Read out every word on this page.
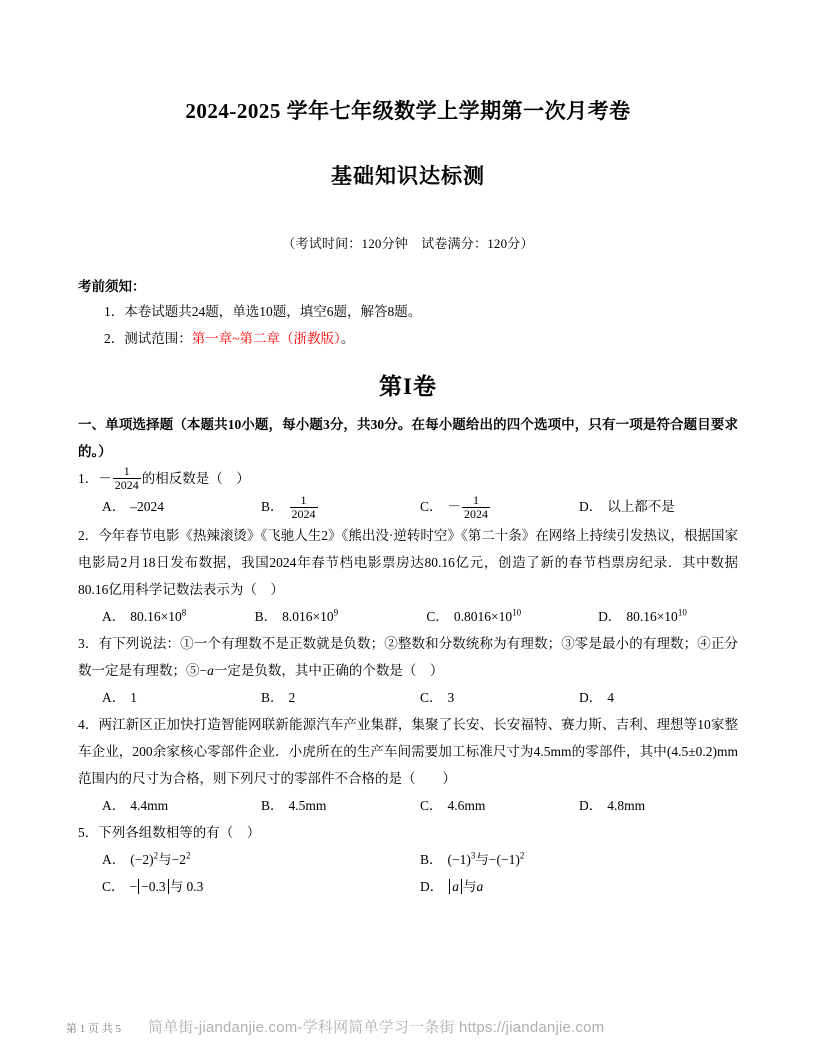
2024-2025 学年七年级数学上学期第一次月考卷
基础知识达标测

（考试时间：120分钟　试卷满分：120分）

考前须知：
1．本卷试题共24题，单选10题，填空6题，解答8题。
2．测试范围：第一章~第二章（浙教版）。
第I卷
一、单项选择题（本题共10小题，每小题3分，共30分。在每小题给出的四个选项中，只有一项是符合题目要求的。）
1．－ $\frac{1}{2024}$ 的相反数是（　）
A． –2024	B． $\frac{1}{2024}$	C． － $\frac{1}{2024}$	D． 以上都不是
2．今年春节电影《热辣滚烫》《飞驰人生2》《熊出没·逆转时空》《第二十条》在网络上持续引发热议，根据国家电影局2月18日发布数据，我国2024年春节档电影票房达80.16亿元，创造了新的春节档票房纪录．其中数据80.16亿用科学记数法表示为（　）
A． $80.16\times 10^8$	B． $8.016\times 10^9$	C． $0.8016\times 10^{10}$	D． $80.16\times 10^{10}$
3．有下列说法：①一个有理数不是正数就是负数；②整数和分数统称为有理数；③零是最小的有理数；④正分数一定是有理数；⑤−a一定是负数，其中正确的个数是（　）
A． 1	B． 2	C． 3	D． 4
4．两江新区正加快打造智能网联新能源汽车产业集群，集聚了长安、长安福特、赛力斯、吉利、理想等10家整车企业，200余家核心零部件企业．小虎所在的生产车间需要加工标准尺寸为4.5mm的零部件，其中(4.5±0.2)mm范围内的尺寸为合格，则下列尺寸的零部件不合格的是（　　）
A． 4.4mm	B． 4.5mm	C． 4.6mm	D． 4.8mm
5．下列各组数相等的有（　）
A． $(-2)^2$与$-2^2$	B． $(-1)^3$与$-(-1)^2$
C． − −0.3 与 0.3	D． a 与a
第 1 页 共 5 简单街-jiandanjie.com-学科网简单学习一条街 https://jiandanjie.com
